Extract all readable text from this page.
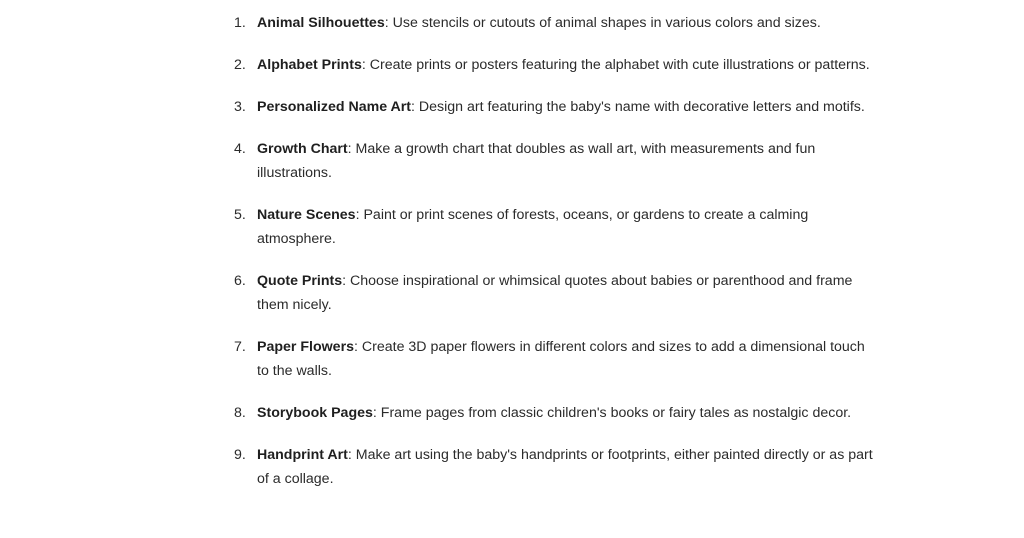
1. Animal Silhouettes: Use stencils or cutouts of animal shapes in various colors and sizes.
2. Alphabet Prints: Create prints or posters featuring the alphabet with cute illustrations or patterns.
3. Personalized Name Art: Design art featuring the baby's name with decorative letters and motifs.
4. Growth Chart: Make a growth chart that doubles as wall art, with measurements and fun illustrations.
5. Nature Scenes: Paint or print scenes of forests, oceans, or gardens to create a calming atmosphere.
6. Quote Prints: Choose inspirational or whimsical quotes about babies or parenthood and frame them nicely.
7. Paper Flowers: Create 3D paper flowers in different colors and sizes to add a dimensional touch to the walls.
8. Storybook Pages: Frame pages from classic children's books or fairy tales as nostalgic decor.
9. Handprint Art: Make art using the baby's handprints or footprints, either painted directly or as part of a collage.
